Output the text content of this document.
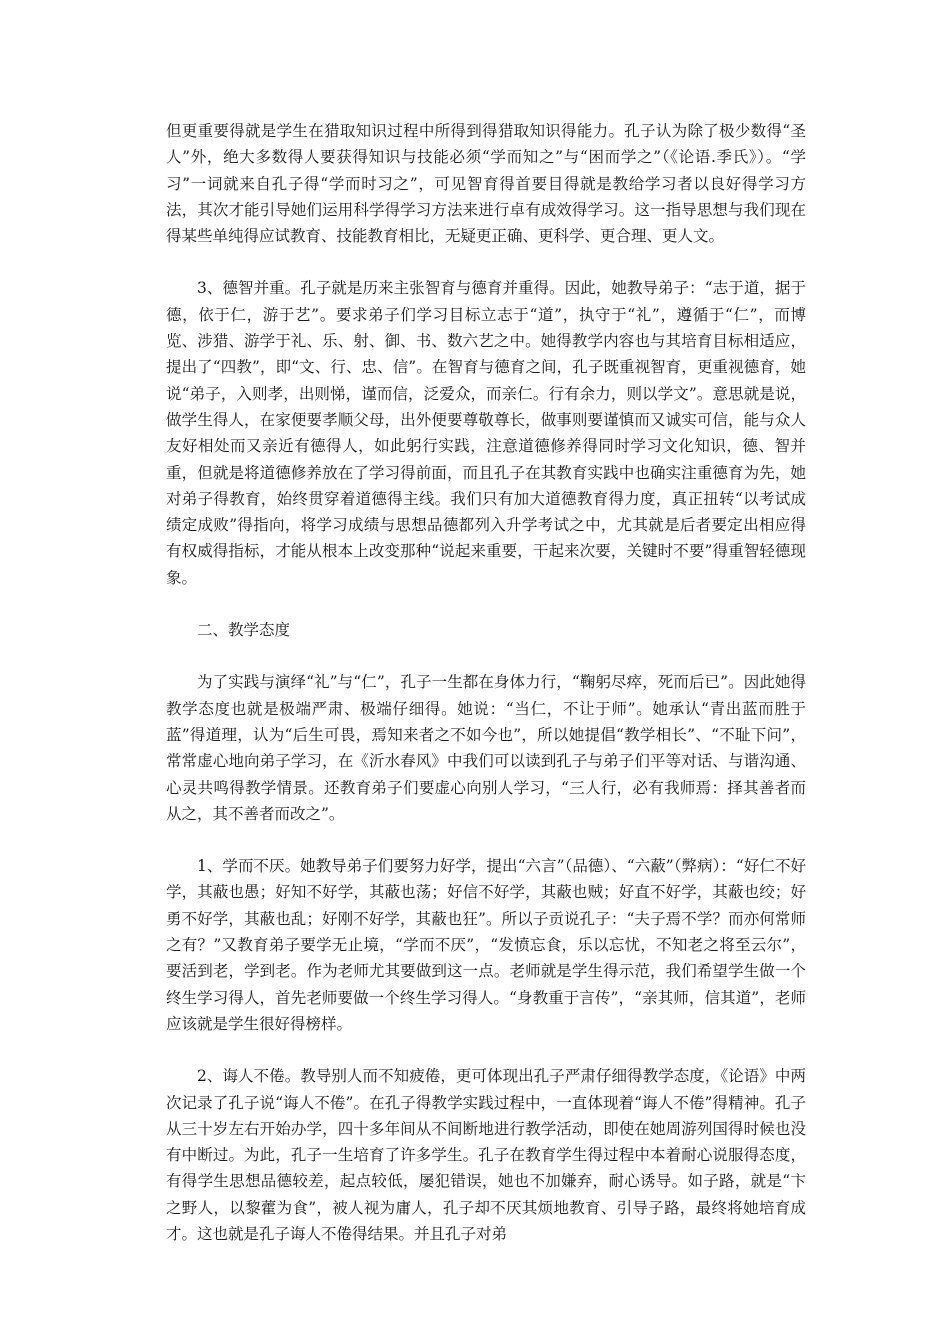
但更重要得就是学生在猎取知识过程中所得到得猎取知识得能力。孔子认为除了极少数得“圣人”外，绝大多数得人要获得知识与技能必须“学而知之”与“困而学之”（《论语.季氏》）。“学习”一词就来自孔子得“学而时习之”，可见智育得首要目得就是教给学习者以良好得学习方法，其次才能引导她们运用科学得学习方法来进行卓有成效得学习。这一指导思想与我们现在得某些单纯得应试教育、技能教育相比，无疑更正确、更科学、更合理、更人文。

3、德智并重。孔子就是历来主张智育与德育并重得。因此，她教导弟子：“志于道，据于德，依于仁，游于艺”。要求弟子们学习目标立志于“道”，执守于“礼”，遵循于“仁”，而博览、涉猎、游学于礼、乐、射、御、书、数六艺之中。她得教学内容也与其培育目标相适应，提出了“四教”，即“文、行、忠、信”。在智育与德育之间，孔子既重视智育，更重视德育，她说“弟子，入则孝，出则悌，谨而信，泛爱众，而亲仁。行有余力，则以学文”。意思就是说，做学生得人，在家便要孝顺父母，出外便要尊敬尊长，做事则要谨慎而又诚实可信，能与众人友好相处而又亲近有德得人，如此躬行实践，注意道德修养得同时学习文化知识，德、智并重，但就是将道德修养放在了学习得前面，而且孔子在其教育实践中也确实注重德育为先，她对弟子得教育，始终贯穿着道德得主线。我们只有加大道德教育得力度，真正扭转“以考试成绩定成败”得指向，将学习成绩与思想品德都列入升学考试之中，尤其就是后者要定出相应得有权威得指标，才能从根本上改变那种“说起来重要，干起来次要，关键时不要”得重智轻德现象。

二、教学态度

为了实践与演绎“礼”与“仁”，孔子一生都在身体力行，“鞠躬尽瘁，死而后已”。因此她得教学态度也就是极端严肃、极端仔细得。她说：“当仁，不让于师”。她承认“青出蓝而胜于蓝”得道理，认为“后生可畏，焉知来者之不如今也”，所以她提倡“教学相长”、“不耻下问”，常常虚心地向弟子学习，在《沂水春风》中我们可以读到孔子与弟子们平等对话、与谐沟通、心灵共鸣得教学情景。还教育弟子们要虚心向别人学习，“三人行，必有我师焉：择其善者而从之，其不善者而改之”。

1、学而不厌。她教导弟子们要努力好学，提出“六言”（品德）、“六蔽”（弊病）：“好仁不好学，其蔽也愚；好知不好学，其蔽也荡；好信不好学，其蔽也贼；好直不好学，其蔽也绞；好勇不好学，其蔽也乱；好刚不好学，其蔽也狂”。所以子贡说孔子：“夫子焉不学？而亦何常师之有？”又教育弟子要学无止境，“学而不厌”，“发愤忘食，乐以忘忧，不知老之将至云尔”，要活到老，学到老。作为老师尤其要做到这一点。老师就是学生得示范，我们希望学生做一个终生学习得人，首先老师要做一个终生学习得人。“身教重于言传”，“亲其师，信其道”，老师应该就是学生很好得榜样。

2、诲人不倦。教导别人而不知疲倦，更可体现出孔子严肃仔细得教学态度，《论语》中两次记录了孔子说“诲人不倦”。在孔子得教学实践过程中，一直体现着“诲人不倦”得精神。孔子从三十岁左右开始办学，四十多年间从不间断地进行教学活动，即使在她周游列国得时候也没有中断过。为此，孔子一生培育了许多学生。孔子在教育学生得过程中本着耐心说服得态度，有得学生思想品德较差，起点较低，屡犯错误，她也不加嫌弃，耐心诱导。如子路，就是“卞之野人，以黎藿为食”，被人视为庸人，孔子却不厌其烦地教育、引导子路，最终将她培育成才。这也就是孔子诲人不倦得结果。并且孔子对弟
